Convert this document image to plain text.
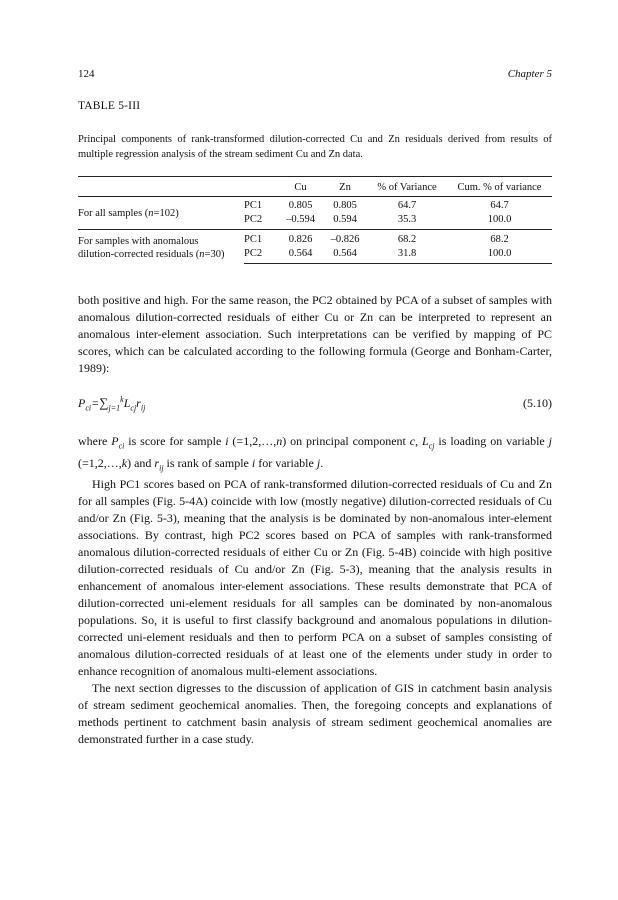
124	Chapter 5
TABLE 5-III
Principal components of rank-transformed dilution-corrected Cu and Zn residuals derived from results of multiple regression analysis of the stream sediment Cu and Zn data.
		Cu	Zn	% of Variance	Cum. % of variance
For all samples (n=102)	PC1	0.805	0.805	64.7	64.7
	PC2	–0.594	0.594	35.3	100.0
For samples with anomalous
dilution-corrected residuals (n=30)	PC1	0.826	–0.826	68.2	68.2
	PC2	0.564	0.564	31.8	100.0

both positive and high. For the same reason, the PC2 obtained by PCA of a subset of samples with anomalous dilution-corrected residuals of either Cu or Zn can be interpreted to represent an anomalous inter-element association. Such interpretations can be verified by mapping of PC scores, which can be calculated according to the following formula (George and Bonham-Carter, 1989):

$P_{ci}=\sum_{j=1}^kL_{cj}r_{ij}$	(5.10)

where $P_{ci}$ is score for sample i (=1,2,…,n) on principal component c, $L_{cj}$ is loading on variable j (=1,2,…,k) and $r_{ij}$ is rank of sample i for variable j.

High PC1 scores based on PCA of rank-transformed dilution-corrected residuals of Cu and Zn for all samples (Fig. 5-4A) coincide with low (mostly negative) dilution-corrected residuals of Cu and/or Zn (Fig. 5-3), meaning that the analysis is be dominated by non-anomalous inter-element associations. By contrast, high PC2 scores based on PCA of samples with rank-transformed anomalous dilution-corrected residuals of either Cu or Zn (Fig. 5-4B) coincide with high positive dilution-corrected residuals of Cu and/or Zn (Fig. 5-3), meaning that the analysis results in enhancement of anomalous inter-element associations. These results demonstrate that PCA of dilution-corrected uni-element residuals for all samples can be dominated by non-anomalous populations. So, it is useful to first classify background and anomalous populations in dilution-corrected uni-element residuals and then to perform PCA on a subset of samples consisting of anomalous dilution-corrected residuals of at least one of the elements under study in order to enhance recognition of anomalous multi-element associations.

The next section digresses to the discussion of application of GIS in catchment basin analysis of stream sediment geochemical anomalies. Then, the foregoing concepts and explanations of methods pertinent to catchment basin analysis of stream sediment geochemical anomalies are demonstrated further in a case study.
